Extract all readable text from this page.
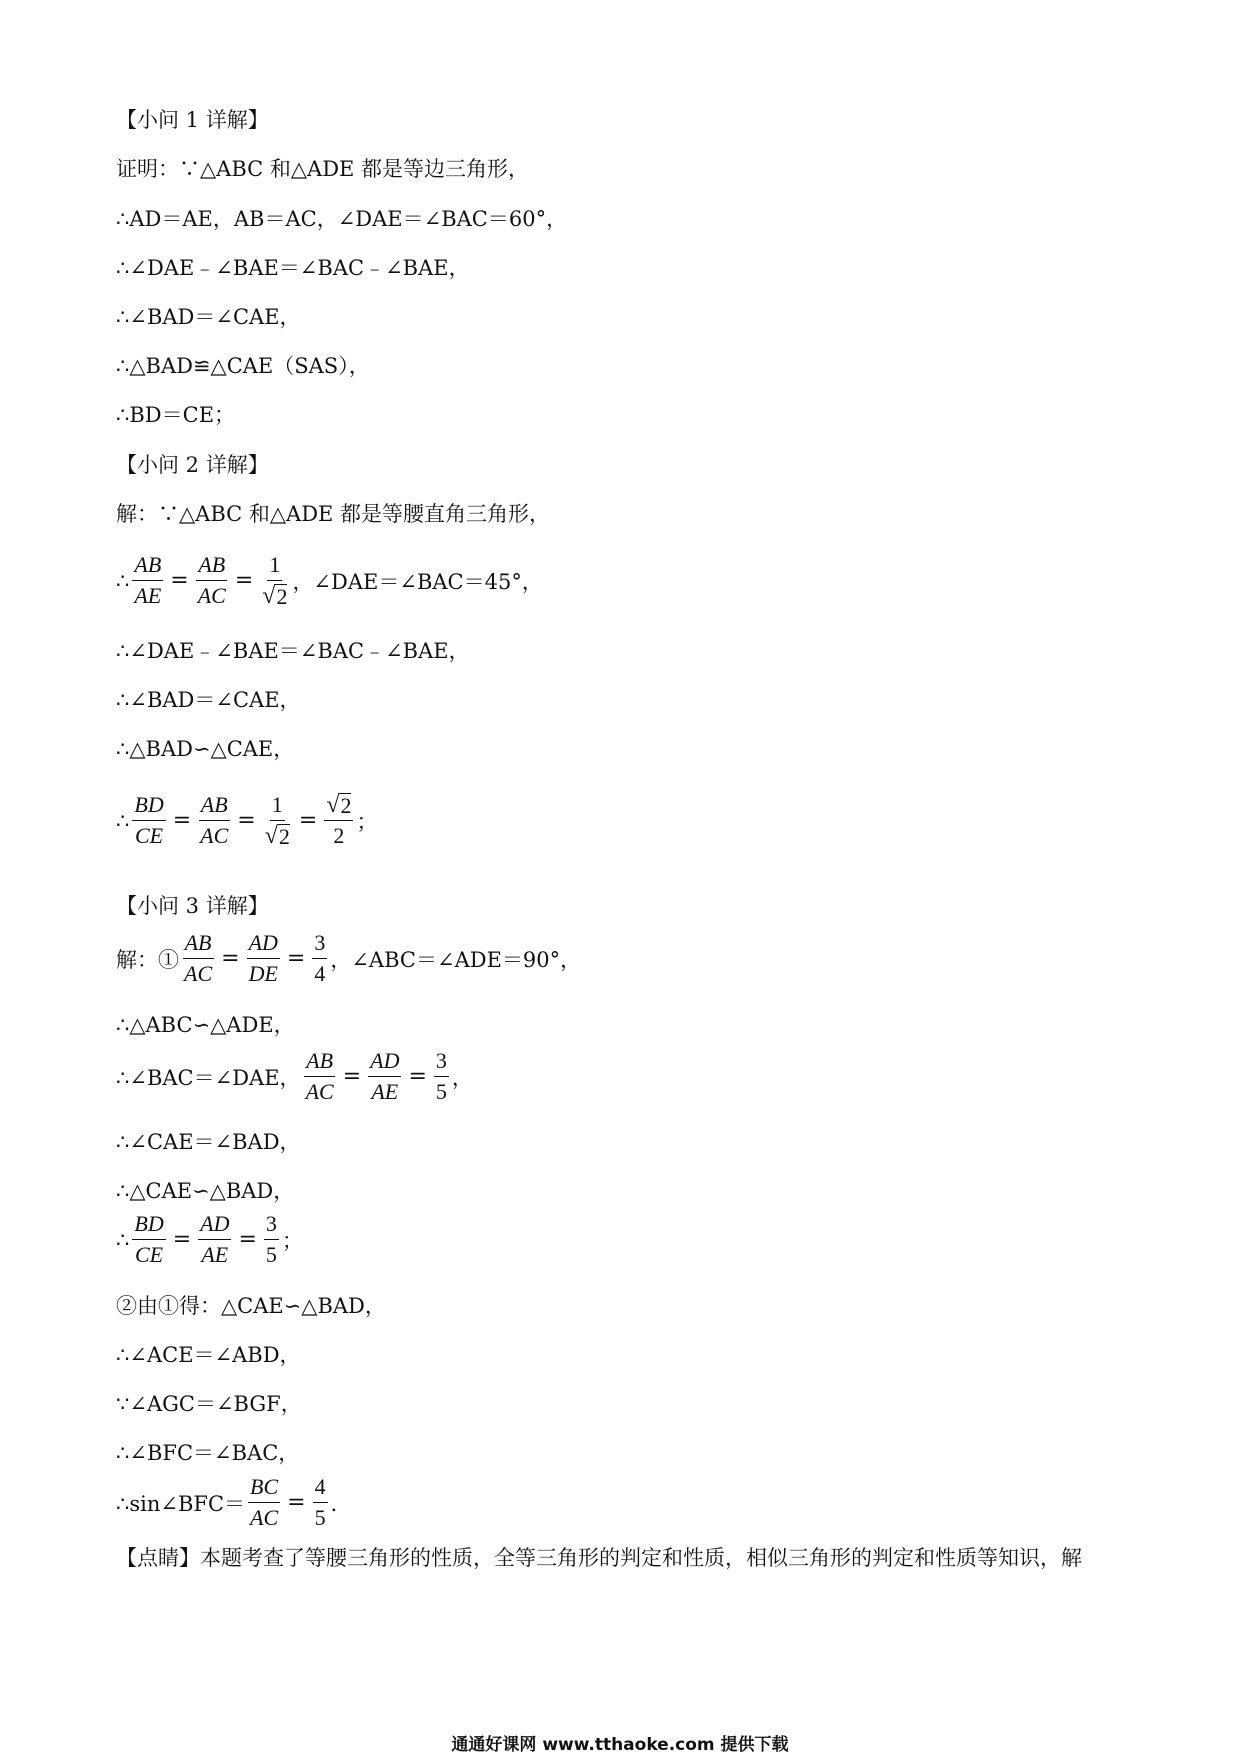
【小问 1 详解】
证明：∵△ABC 和△ADE 都是等边三角形，
∴AD＝AE，AB＝AC，∠DAE＝∠BAC＝60°，
∴∠DAE﹣∠BAE＝∠BAC﹣∠BAE，
∴∠BAD＝∠CAE，
∴△BAD≌△CAE（SAS），
∴BD＝CE；
【小问 2 详解】
解：∵△ABC 和△ADE 都是等腰直角三角形，
∴ $\frac{AB}{AE} = \frac{AB}{AC} = \frac{1}{√ 2}$ ，∠DAE＝∠BAC＝45°，
∴∠DAE﹣∠BAE＝∠BAC﹣∠BAE，
∴∠BAD＝∠CAE，
∴△BAD∽△CAE，
∴ $\frac{BD}{CE} = \frac{AB}{AC} = \frac{1}{√ 2} = \frac{√ 2}{2}$ ；
【小问 3 详解】
解：① $\frac{AB}{AC} = \frac{AD}{DE} = \frac{3}{4}$ ，∠ABC＝∠ADE＝90°，
∴△ABC∽△ADE，
∴∠BAC＝∠DAE， $\frac{AB}{AC} = \frac{AD}{AE} = \frac{3}{5}$ ，
∴∠CAE＝∠BAD，
∴△CAE∽△BAD，
∴ $\frac{BD}{CE} = \frac{AD}{AE} = \frac{3}{5}$ ；
②由①得：△CAE∽△BAD，
∴∠ACE＝∠ABD，
∵∠AGC＝∠BGF，
∴∠BFC＝∠BAC，
∴sin∠BFC＝ $\frac{BC}{AC} = \frac{4}{5}$ ．
【点睛】本题考查了等腰三角形的性质，全等三角形的判定和性质，相似三角形的判定和性质等知识，解
通通好课网 www.tthaoke.com 提供下载
